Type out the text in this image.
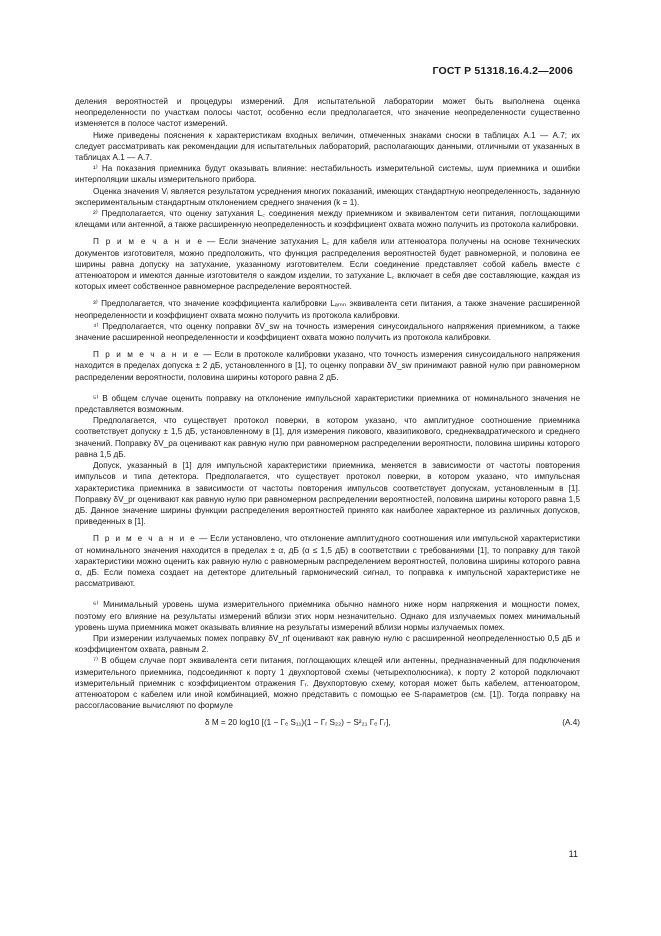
ГОСТ Р 51318.16.4.2—2006

деления вероятностей и процедуры измерений. Для испытательной лаборатории может быть выполнена оценка неопределенности по участкам полосы частот, особенно если предполагается, что значение неопределенности существенно изменяется в полосе частот измерений.

Ниже приведены пояснения к характеристикам входных величин, отмеченных знаками сноски в таблицах А.1 — А.7; их следует рассматривать как рекомендации для испытательных лабораторий, располагающих данными, отличными от указанных в таблицах А.1 — А.7.

¹⁾ На показания приемника будут оказывать влияние: нестабильность измерительной системы, шум приемника и ошибки интерполяции шкалы измерительного прибора.

Оценка значения Vᵢ является результатом усреднения многих показаний, имеющих стандартную неопределенность, заданную экспериментальным стандартным отклонением среднего значения (k = 1).

²⁾ Предполагается, что оценку затухания L꜀ соединения между приемником и эквивалентом сети питания, поглощающими клещами или антенной, а также расширенную неопределенность и коэффициент охвата можно получить из протокола калибровки.

П р и м е ч а н и е — Если значение затухания L꜀ для кабеля или аттенюатора получены на основе технических документов изготовителя, можно предположить, что функция распределения вероятностей будет равномерной, и половина ее ширины равна допуску на затухание, указанному изготовителем. Если соединение представляет собой кабель вместе с аттенюатором и имеются данные изготовителя о каждом изделии, то затухание L꜀ включает в себя две составляющие, каждая из которых имеет собственное равномерное распределение вероятностей.

³⁾ Предполагается, что значение коэффициента калибровки Lₐₘₙ эквивалента сети питания, а также значение расширенной неопределенности и коэффициент охвата можно получить из протокола калибровки.

⁴⁾ Предполагается, что оценку поправки δV_sw на точность измерения синусоидального напряжения приемником, а также значение расширенной неопределенности и коэффициент охвата можно получить из протокола калибровки.

П р и м е ч а н и е — Если в протоколе калибровки указано, что точность измерения синусоидального напряжения находится в пределах допуска ± 2 дБ, установленного в [1], то оценку поправки δV_sw принимают равной нулю при равномерном распределении вероятности, половина ширины которого равна 2 дБ.

⁵⁾ В общем случае оценить поправку на отклонение импульсной характеристики приемника от номинального значения не представляется возможным.

Предполагается, что существует протокол поверки, в котором указано, что амплитудное соотношение приемника соответствует допуску ± 1,5 дБ, установленному в [1], для измерения пикового, квазипикового, среднеквадратического и среднего значений. Поправку δV_pa оценивают как равную нулю при равномерном распределении вероятности, половина ширины которого равна 1,5 дБ.

Допуск, указанный в [1] для импульсной характеристики приемника, меняется в зависимости от частоты повторения импульсов и типа детектора. Предполагается, что существует протокол поверки, в котором указано, что импульсная характеристика приемника в зависимости от частоты повторения импульсов соответствует допускам, установленным в [1]. Поправку δV_pr оценивают как равную нулю при равномерном распределении вероятностей, половина ширины которого равна 1,5 дБ. Данное значение ширины функции распределения вероятностей принято как наиболее характерное из различных допусков, приведенных в [1].

П р и м е ч а н и е — Если установлено, что отклонение амплитудного соотношения или импульсной характеристики от номинального значения находится в пределах ± α, дБ (α ≤ 1,5 дБ) в соответствии с требованиями [1], то поправку для такой характеристики можно оценить как равную нулю с равномерным распределением вероятностей, половина ширины которого равна α, дБ. Если помеха создает на детекторе длительный гармонический сигнал, то поправка к импульсной характеристике не рассматривают.

⁶⁾ Минимальный уровень шума измерительного приемника обычно намного ниже норм напряжения и мощности помех, поэтому его влияние на результаты измерений вблизи этих норм незначительно. Однако для излучаемых помех минимальный уровень шума приемника может оказывать влияние на результаты измерений вблизи нормы излучаемых помех.

При измерении излучаемых помех поправку δV_nf оценивают как равную нулю с расширенной неопределенностью 0,5 дБ и коэффициентом охвата, равным 2.

⁷⁾ В общем случае порт эквивалента сети питания, поглощающих клещей или антенны, предназначенный для подключения измерительного приемника, подсоединяют к порту 1 двухпортовой схемы (четырехполюсника), к порту 2 которой подключают измерительный приемник с коэффициентом отражения Γᵣ. Двухпортовую схему, которая может быть кабелем, аттенюатором, аттенюатором с кабелем или иной комбинацией, можно представить с помощью ее S-параметров (см. [1]). Тогда поправку на рассогласование вычисляют по формуле

δ M = 20 log10 [(1 − Γₑ S₁₁)(1 − Γᵣ S₂₂) − S²₂₁ Γₑ Γᵣ],	(А.4)
11
